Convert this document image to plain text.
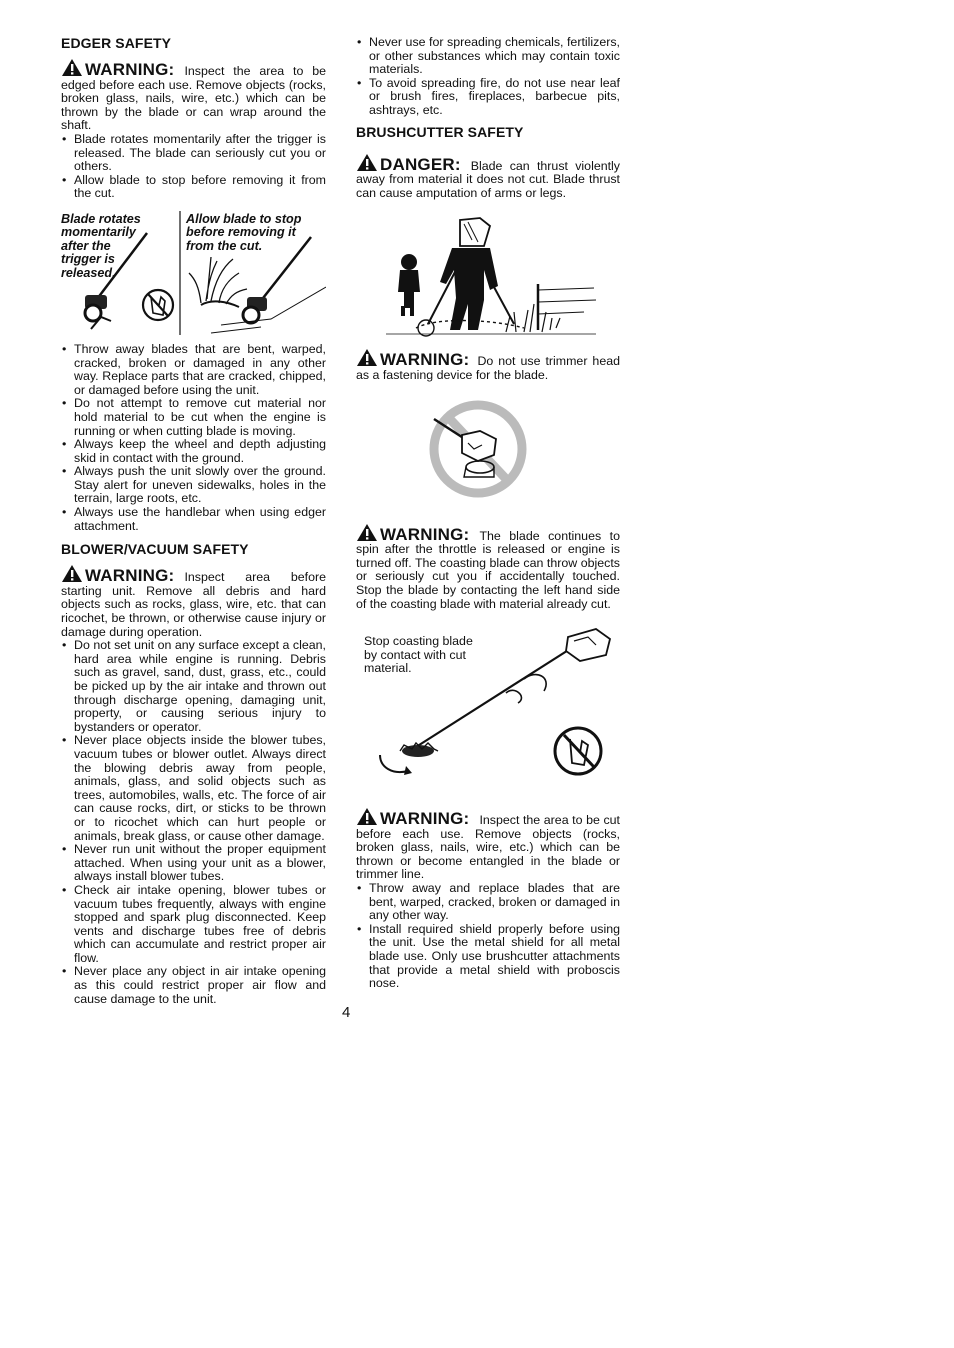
EDGER SAFETY

WARNING: Inspect the area to be edged before each use. Remove objects (rocks, broken glass, nails, wire, etc.) which can be thrown by the blade or can wrap around the shaft.

• Blade rotates momentarily after the trigger is released. The blade can seriously cut you or others.
• Allow blade to stop before removing it from the cut.
Blade rotates momentarily after the trigger is released.
Allow blade to stop before removing it from the cut.
• Throw away blades that are bent, warped, cracked, broken or damaged in any other way. Replace parts that are cracked, chipped, or damaged before using the unit.
• Do not attempt to remove cut material nor hold material to be cut when the engine is running or when cutting blade is moving.
• Always keep the wheel and depth adjusting skid in contact with the ground.
• Always push the unit slowly over the ground. Stay alert for uneven sidewalks, holes in the terrain, large roots, etc.
• Always use the handlebar when using edger attachment.
BLOWER/VACUUM SAFETY

WARNING: Inspect area before starting unit. Remove all debris and hard objects such as rocks, glass, wire, etc. that can ricochet, be thrown, or otherwise cause injury or damage during operation.

• Do not set unit on any surface except a clean, hard area while engine is running. Debris such as gravel, sand, dust, grass, etc., could be picked up by the air intake and thrown out through discharge opening, damaging unit, property, or causing serious injury to bystanders or operator.
• Never place objects inside the blower tubes, vacuum tubes or blower outlet. Always direct the blowing debris away from people, animals, glass, and solid objects such as trees, automobiles, walls, etc. The force of air can cause rocks, dirt, or sticks to be thrown or to ricochet which can hurt people or animals, break glass, or cause other damage.
• Never run unit without the proper equipment attached. When using your unit as a blower, always install blower tubes.
• Check air intake opening, blower tubes or vacuum tubes frequently, always with engine stopped and spark plug disconnected. Keep vents and discharge tubes free of debris which can accumulate and restrict proper air flow.
• Never place any object in air intake opening as this could restrict proper air flow and cause damage to the unit.
• Never use for spreading chemicals, fertilizers, or other substances which may contain toxic materials.
• To avoid spreading fire, do not use near leaf or brush fires, fireplaces, barbecue pits, ashtrays, etc.
BRUSHCUTTER SAFETY

DANGER: Blade can thrust violently away from material it does not cut. Blade thrust can cause amputation of arms or legs.

WARNING: Do not use trimmer head as a fastening device for the blade.

WARNING: The blade continues to spin after the throttle is released or engine is turned off. The coasting blade can throw objects or seriously cut you if accidentally touched. Stop the blade by contacting the left hand side of the coasting blade with material already cut.

Stop coasting blade by contact with cut material.

WARNING: Inspect the area to be cut before each use. Remove objects (rocks, broken glass, nails, wire, etc.) which can be thrown or become entangled in the blade or trimmer line.

• Throw away and replace blades that are bent, warped, cracked, broken or damaged in any other way.
• Install required shield properly before using the unit. Use the metal shield for all metal blade use. Only use brushcutter attachments that provide a metal shield with proboscis nose.
4
